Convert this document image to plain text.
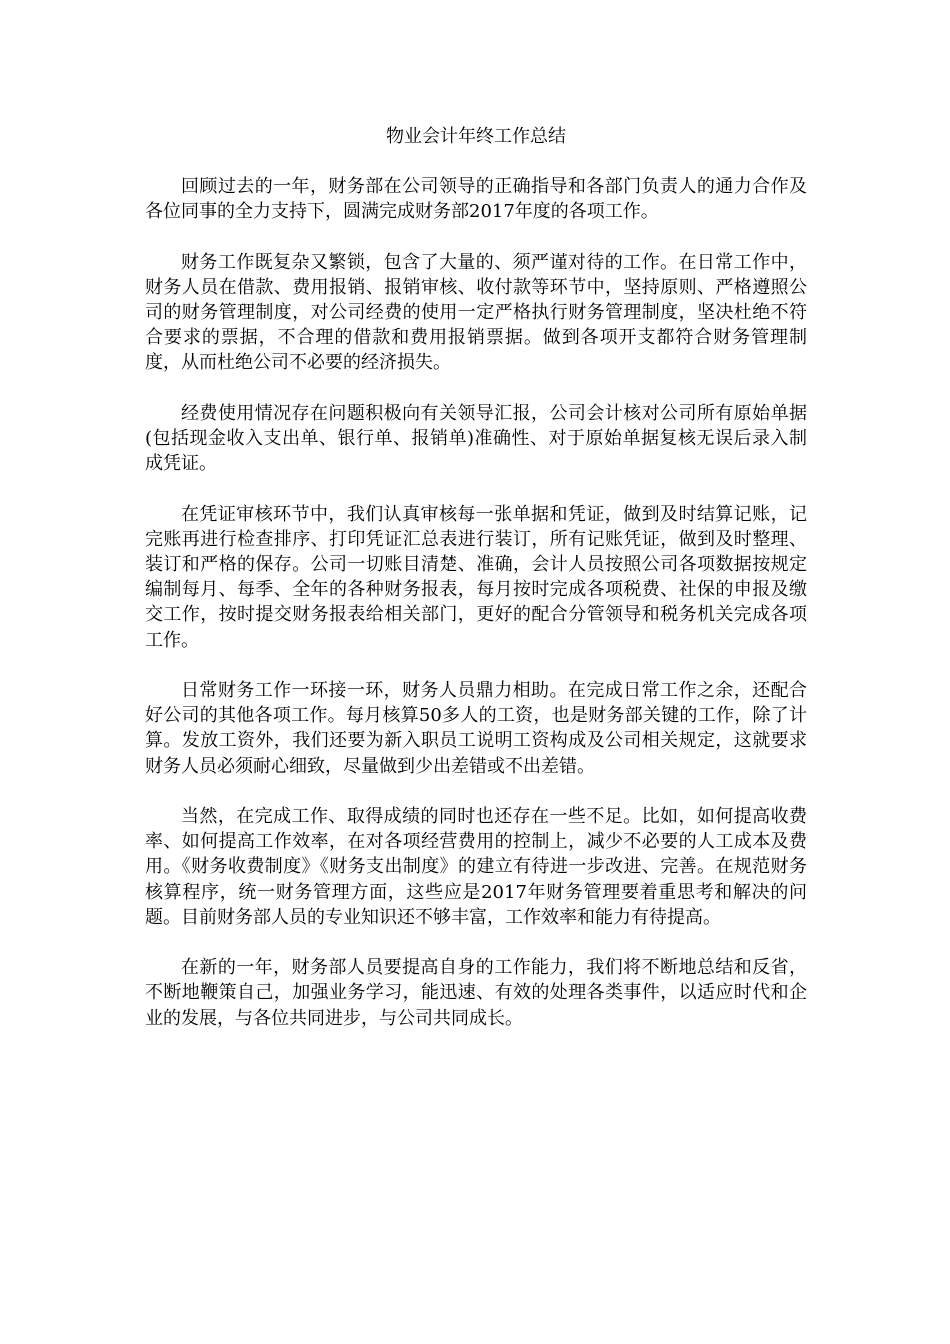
物业会计年终工作总结

回顾过去的一年，财务部在公司领导的正确指导和各部门负责人的通力合作及各位同事的全力支持下，圆满完成财务部2017年度的各项工作。

财务工作既复杂又繁锁，包含了大量的、须严谨对待的工作。在日常工作中，财务人员在借款、费用报销、报销审核、收付款等环节中，坚持原则、严格遵照公司的财务管理制度，对公司经费的使用一定严格执行财务管理制度，坚决杜绝不符合要求的票据，不合理的借款和费用报销票据。做到各项开支都符合财务管理制度，从而杜绝公司不必要的经济损失。

经费使用情况存在问题积极向有关领导汇报，公司会计核对公司所有原始单据(包括现金收入支出单、银行单、报销单)准确性、对于原始单据复核无误后录入制成凭证。

在凭证审核环节中，我们认真审核每一张单据和凭证，做到及时结算记账，记完账再进行检查排序、打印凭证汇总表进行装订，所有记账凭证，做到及时整理、装订和严格的保存。公司一切账目清楚、准确，会计人员按照公司各项数据按规定编制每月、每季、全年的各种财务报表，每月按时完成各项税费、社保的申报及缴交工作，按时提交财务报表给相关部门，更好的配合分管领导和税务机关完成各项工作。

日常财务工作一环接一环，财务人员鼎力相助。在完成日常工作之余，还配合好公司的其他各项工作。每月核算50多人的工资，也是财务部关键的工作，除了计算。发放工资外，我们还要为新入职员工说明工资构成及公司相关规定，这就要求财务人员必须耐心细致，尽量做到少出差错或不出差错。

当然，在完成工作、取得成绩的同时也还存在一些不足。比如，如何提高收费率、如何提高工作效率，在对各项经营费用的控制上，减少不必要的人工成本及费用。《财务收费制度》《财务支出制度》的建立有待进一步改进、完善。在规范财务核算程序，统一财务管理方面，这些应是2017年财务管理要着重思考和解决的问题。目前财务部人员的专业知识还不够丰富，工作效率和能力有待提高。

在新的一年，财务部人员要提高自身的工作能力，我们将不断地总结和反省，不断地鞭策自己，加强业务学习，能迅速、有效的处理各类事件，以适应时代和企业的发展，与各位共同进步，与公司共同成长。
